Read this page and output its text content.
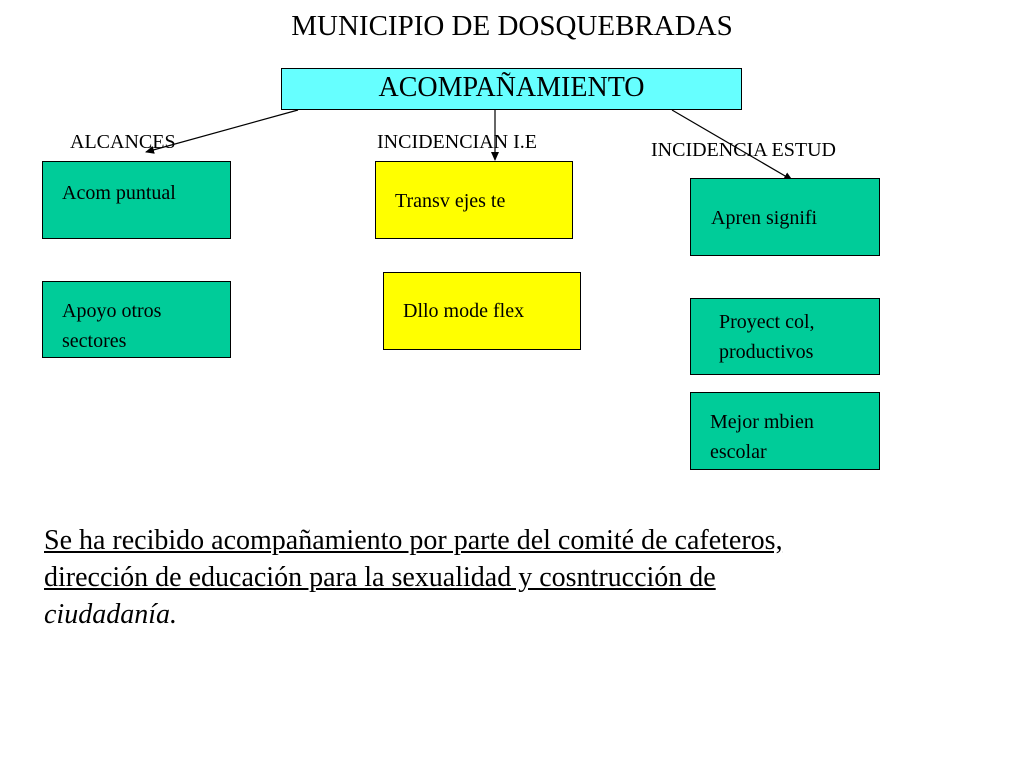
MUNICIPIO DE DOSQUEBRADAS
ACOMPAÑAMIENTO
ALCANCES	INCIDENCIAN I.E	INCIDENCIA ESTUD
Acom puntual
Apoyo otros sectores
Transv ejes te
Dllo mode flex
Apren signifi
Proyect col, productivos
Mejor mbien escolar
Se ha recibido acompañamiento por parte del comité de cafeteros, dirección de educación para la sexualidad y cosntrucción de ciudadanía.
